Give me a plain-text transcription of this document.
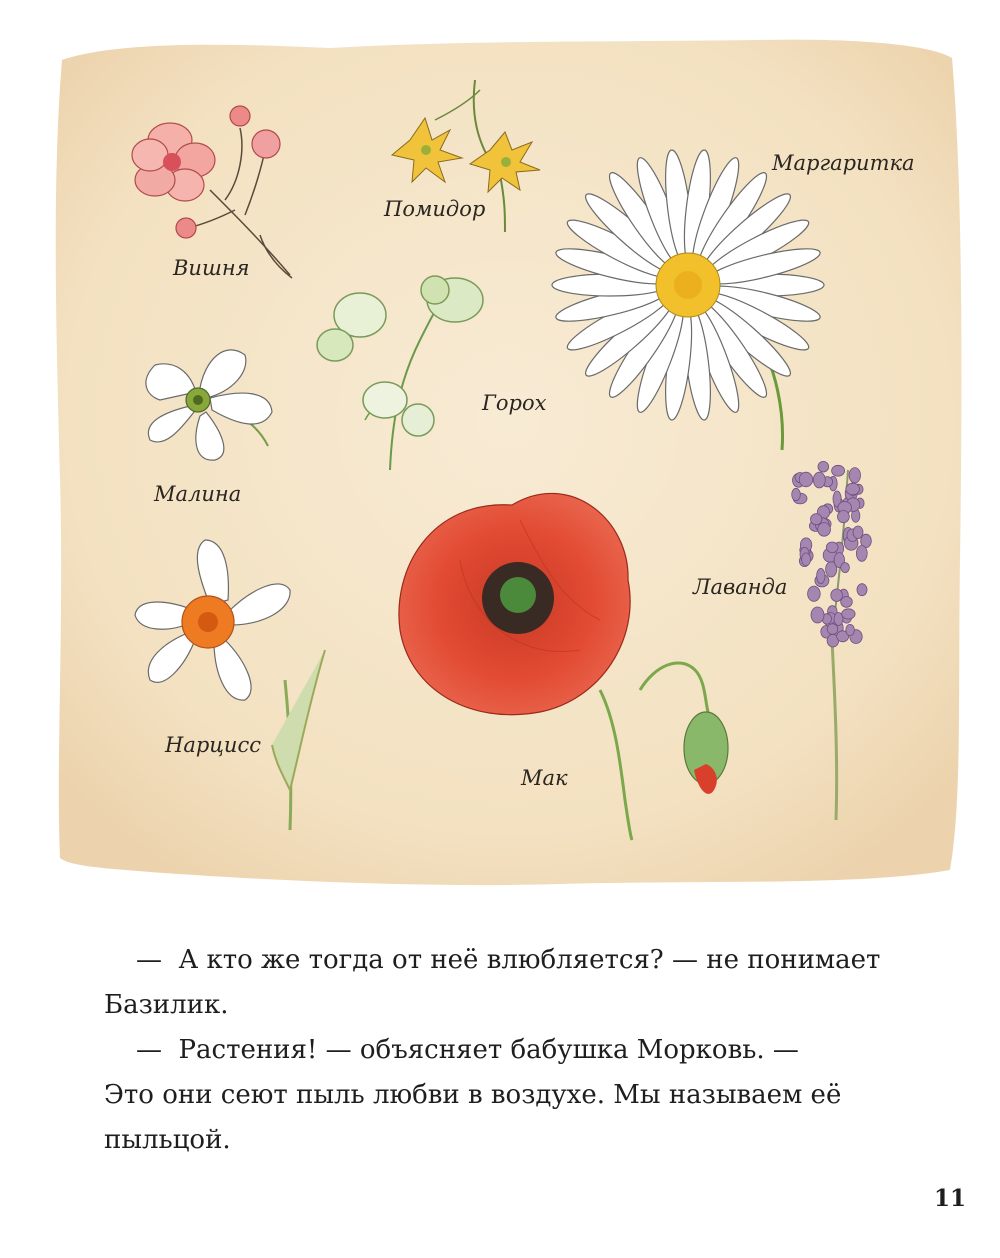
Вишня
Помидор
Маргаритка
Горох
Малина
Лаванда
Нарцисс
Мак

—  А кто же тогда от неё влюбляется? — не понимает

Базилик.

—  Растения! — объясняет бабушка Морковь. —

Это они сеют пыль любви в воздухе. Мы называем её

пыльцой.

11
